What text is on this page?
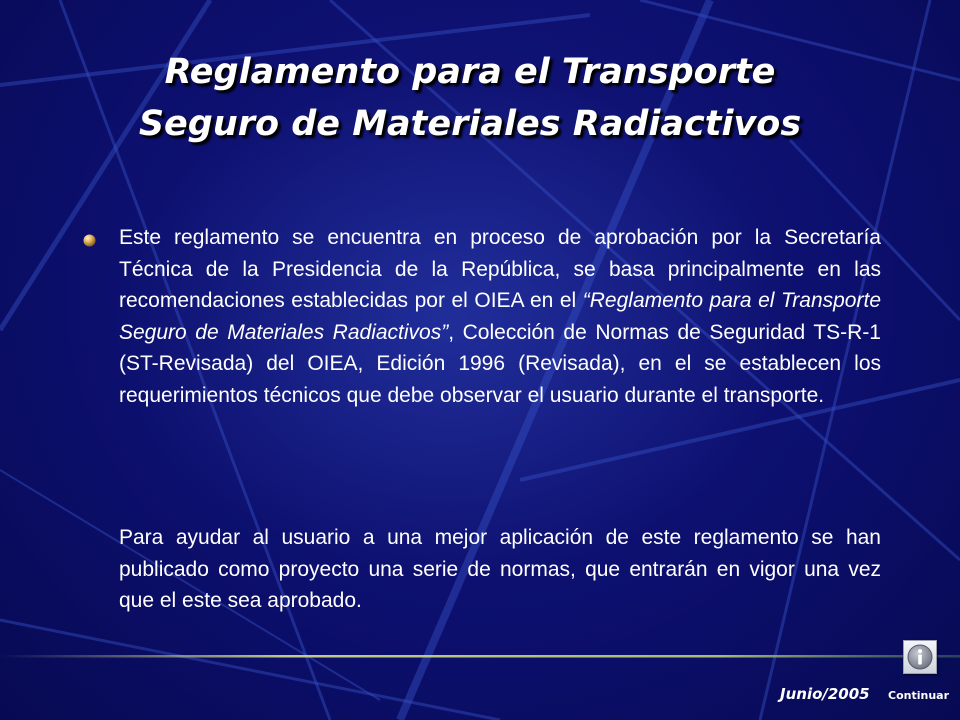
Reglamento para el Transporte
Seguro de Materiales Radiactivos

Este reglamento se encuentra en proceso de aprobación por la Secretaría Técnica de la Presidencia de la República, se basa principalmente en las recomendaciones establecidas por el OIEA en el “Reglamento para el Transporte Seguro de Materiales Radiactivos”, Colección de Normas de Seguridad TS-R-1 (ST-Revisada) del OIEA, Edición 1996 (Revisada), en el se establecen los requerimientos técnicos que debe observar el usuario durante el transporte.

Para ayudar al usuario a una mejor aplicación de este reglamento se han publicado como proyecto una serie de normas, que entrarán en vigor una vez que el este sea aprobado.

Junio/2005 Continuar
